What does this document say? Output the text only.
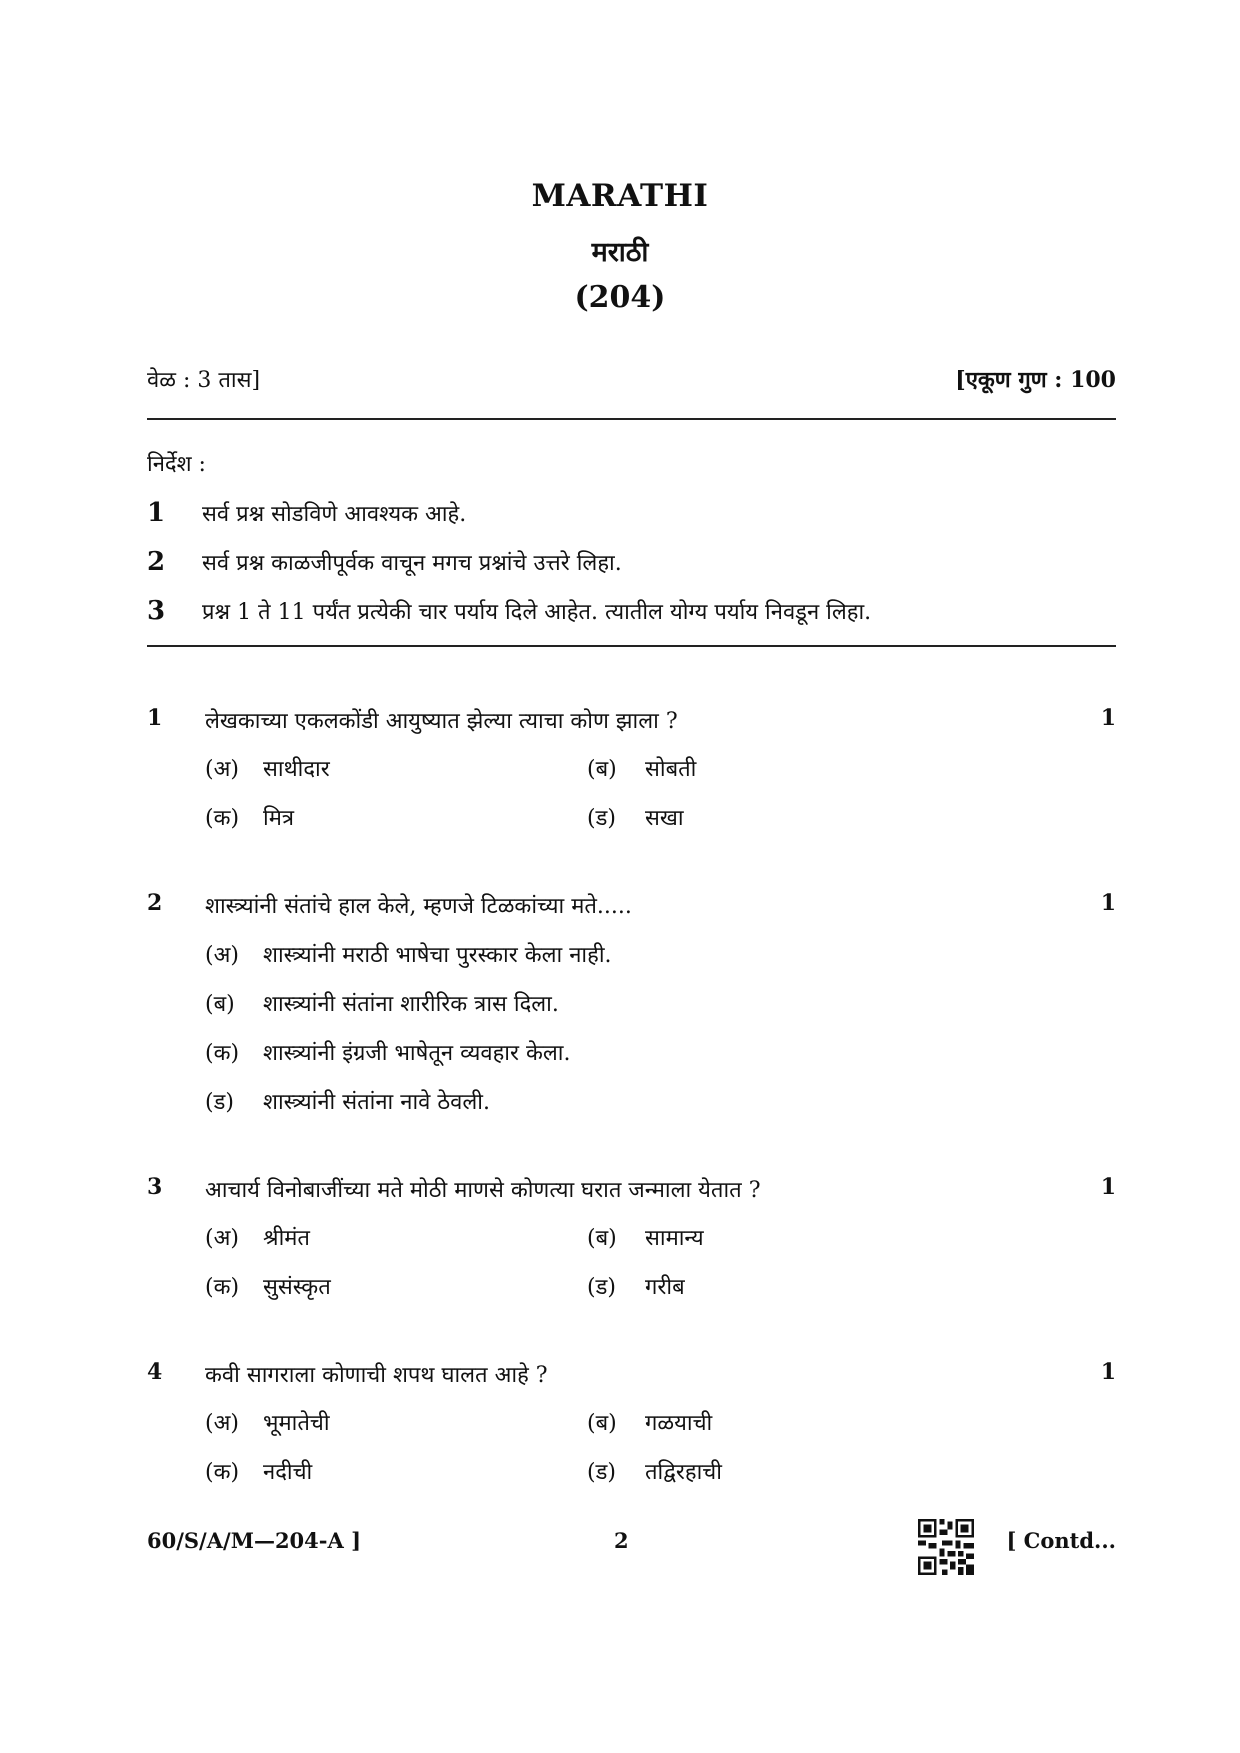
MARATHI
मराठी
(204)
वेळ : 3 तास]	[एकूण गुण : 100
निर्देश :
1	सर्व प्रश्न सोडविणे आवश्यक आहे.
2	सर्व प्रश्न काळजीपूर्वक वाचून मगच प्रश्नांचे उत्तरे लिहा.
3	प्रश्न 1 ते 11 पर्यंत प्रत्येकी चार पर्याय दिले आहेत. त्यातील योग्य पर्याय निवडून लिहा.
1 लेखकाच्या एकलकोंडी आयुष्यात झेल्या त्याचा कोण झाला ?	1
(अ)	साथीदार	(ब)	सोबती
(क)	मित्र	(ड)	सखा
2 शास्त्र्यांनी संतांचे हाल केले, म्हणजे टिळकांच्या मते.....	1
(अ)	शास्त्र्यांनी मराठी भाषेचा पुरस्कार केला नाही.
(ब)	शास्त्र्यांनी संतांना शारीरिक त्रास दिला.
(क)	शास्त्र्यांनी इंग्रजी भाषेतून व्यवहार केला.
(ड)	शास्त्र्यांनी संतांना नावे ठेवली.
3 आचार्य विनोबाजींच्या मते मोठी माणसे कोणत्या घरात जन्माला येतात ?	1
(अ)	श्रीमंत	(ब)	सामान्य
(क)	सुसंस्कृत	(ड)	गरीब
4 कवी सागराला कोणाची शपथ घालत आहे ?	1
(अ)	भूमातेची	(ब)	गळयाची
(क)	नदीची	(ड)	तद्विरहाची
60/S/A/M—204-A ]	2	[ Contd...
